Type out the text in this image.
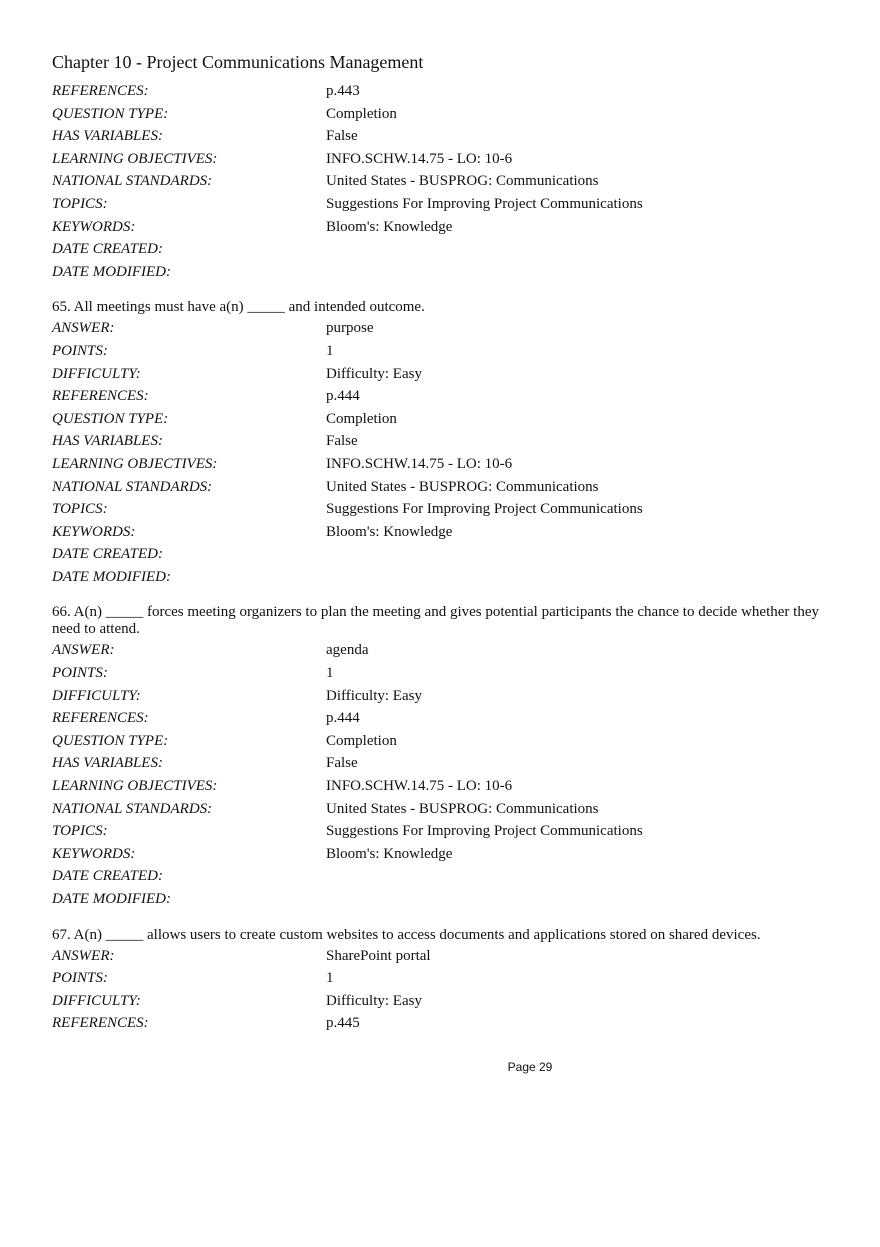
Chapter 10 - Project Communications Management
REFERENCES:	p.443
QUESTION TYPE:	Completion
HAS VARIABLES:	False
LEARNING OBJECTIVES:	INFO.SCHW.14.75 - LO: 10-6
NATIONAL STANDARDS:	United States - BUSPROG: Communications
TOPICS:	Suggestions For Improving Project Communications
KEYWORDS:	Bloom's: Knowledge
DATE CREATED:
DATE MODIFIED:
65. All meetings must have a(n) _____ and intended outcome.
ANSWER:	purpose
POINTS:	1
DIFFICULTY:	Difficulty: Easy
REFERENCES:	p.444
QUESTION TYPE:	Completion
HAS VARIABLES:	False
LEARNING OBJECTIVES:	INFO.SCHW.14.75 - LO: 10-6
NATIONAL STANDARDS:	United States - BUSPROG: Communications
TOPICS:	Suggestions For Improving Project Communications
KEYWORDS:	Bloom's: Knowledge
DATE CREATED:
DATE MODIFIED:
66. A(n) _____ forces meeting organizers to plan the meeting and gives potential participants the chance to decide whether they need to attend.
ANSWER:	agenda
POINTS:	1
DIFFICULTY:	Difficulty: Easy
REFERENCES:	p.444
QUESTION TYPE:	Completion
HAS VARIABLES:	False
LEARNING OBJECTIVES:	INFO.SCHW.14.75 - LO: 10-6
NATIONAL STANDARDS:	United States - BUSPROG: Communications
TOPICS:	Suggestions For Improving Project Communications
KEYWORDS:	Bloom's: Knowledge
DATE CREATED:
DATE MODIFIED:
67. A(n) _____ allows users to create custom websites to access documents and applications stored on shared devices.
ANSWER:	SharePoint portal
POINTS:	1
DIFFICULTY:	Difficulty: Easy
REFERENCES:	p.445
Page 29
